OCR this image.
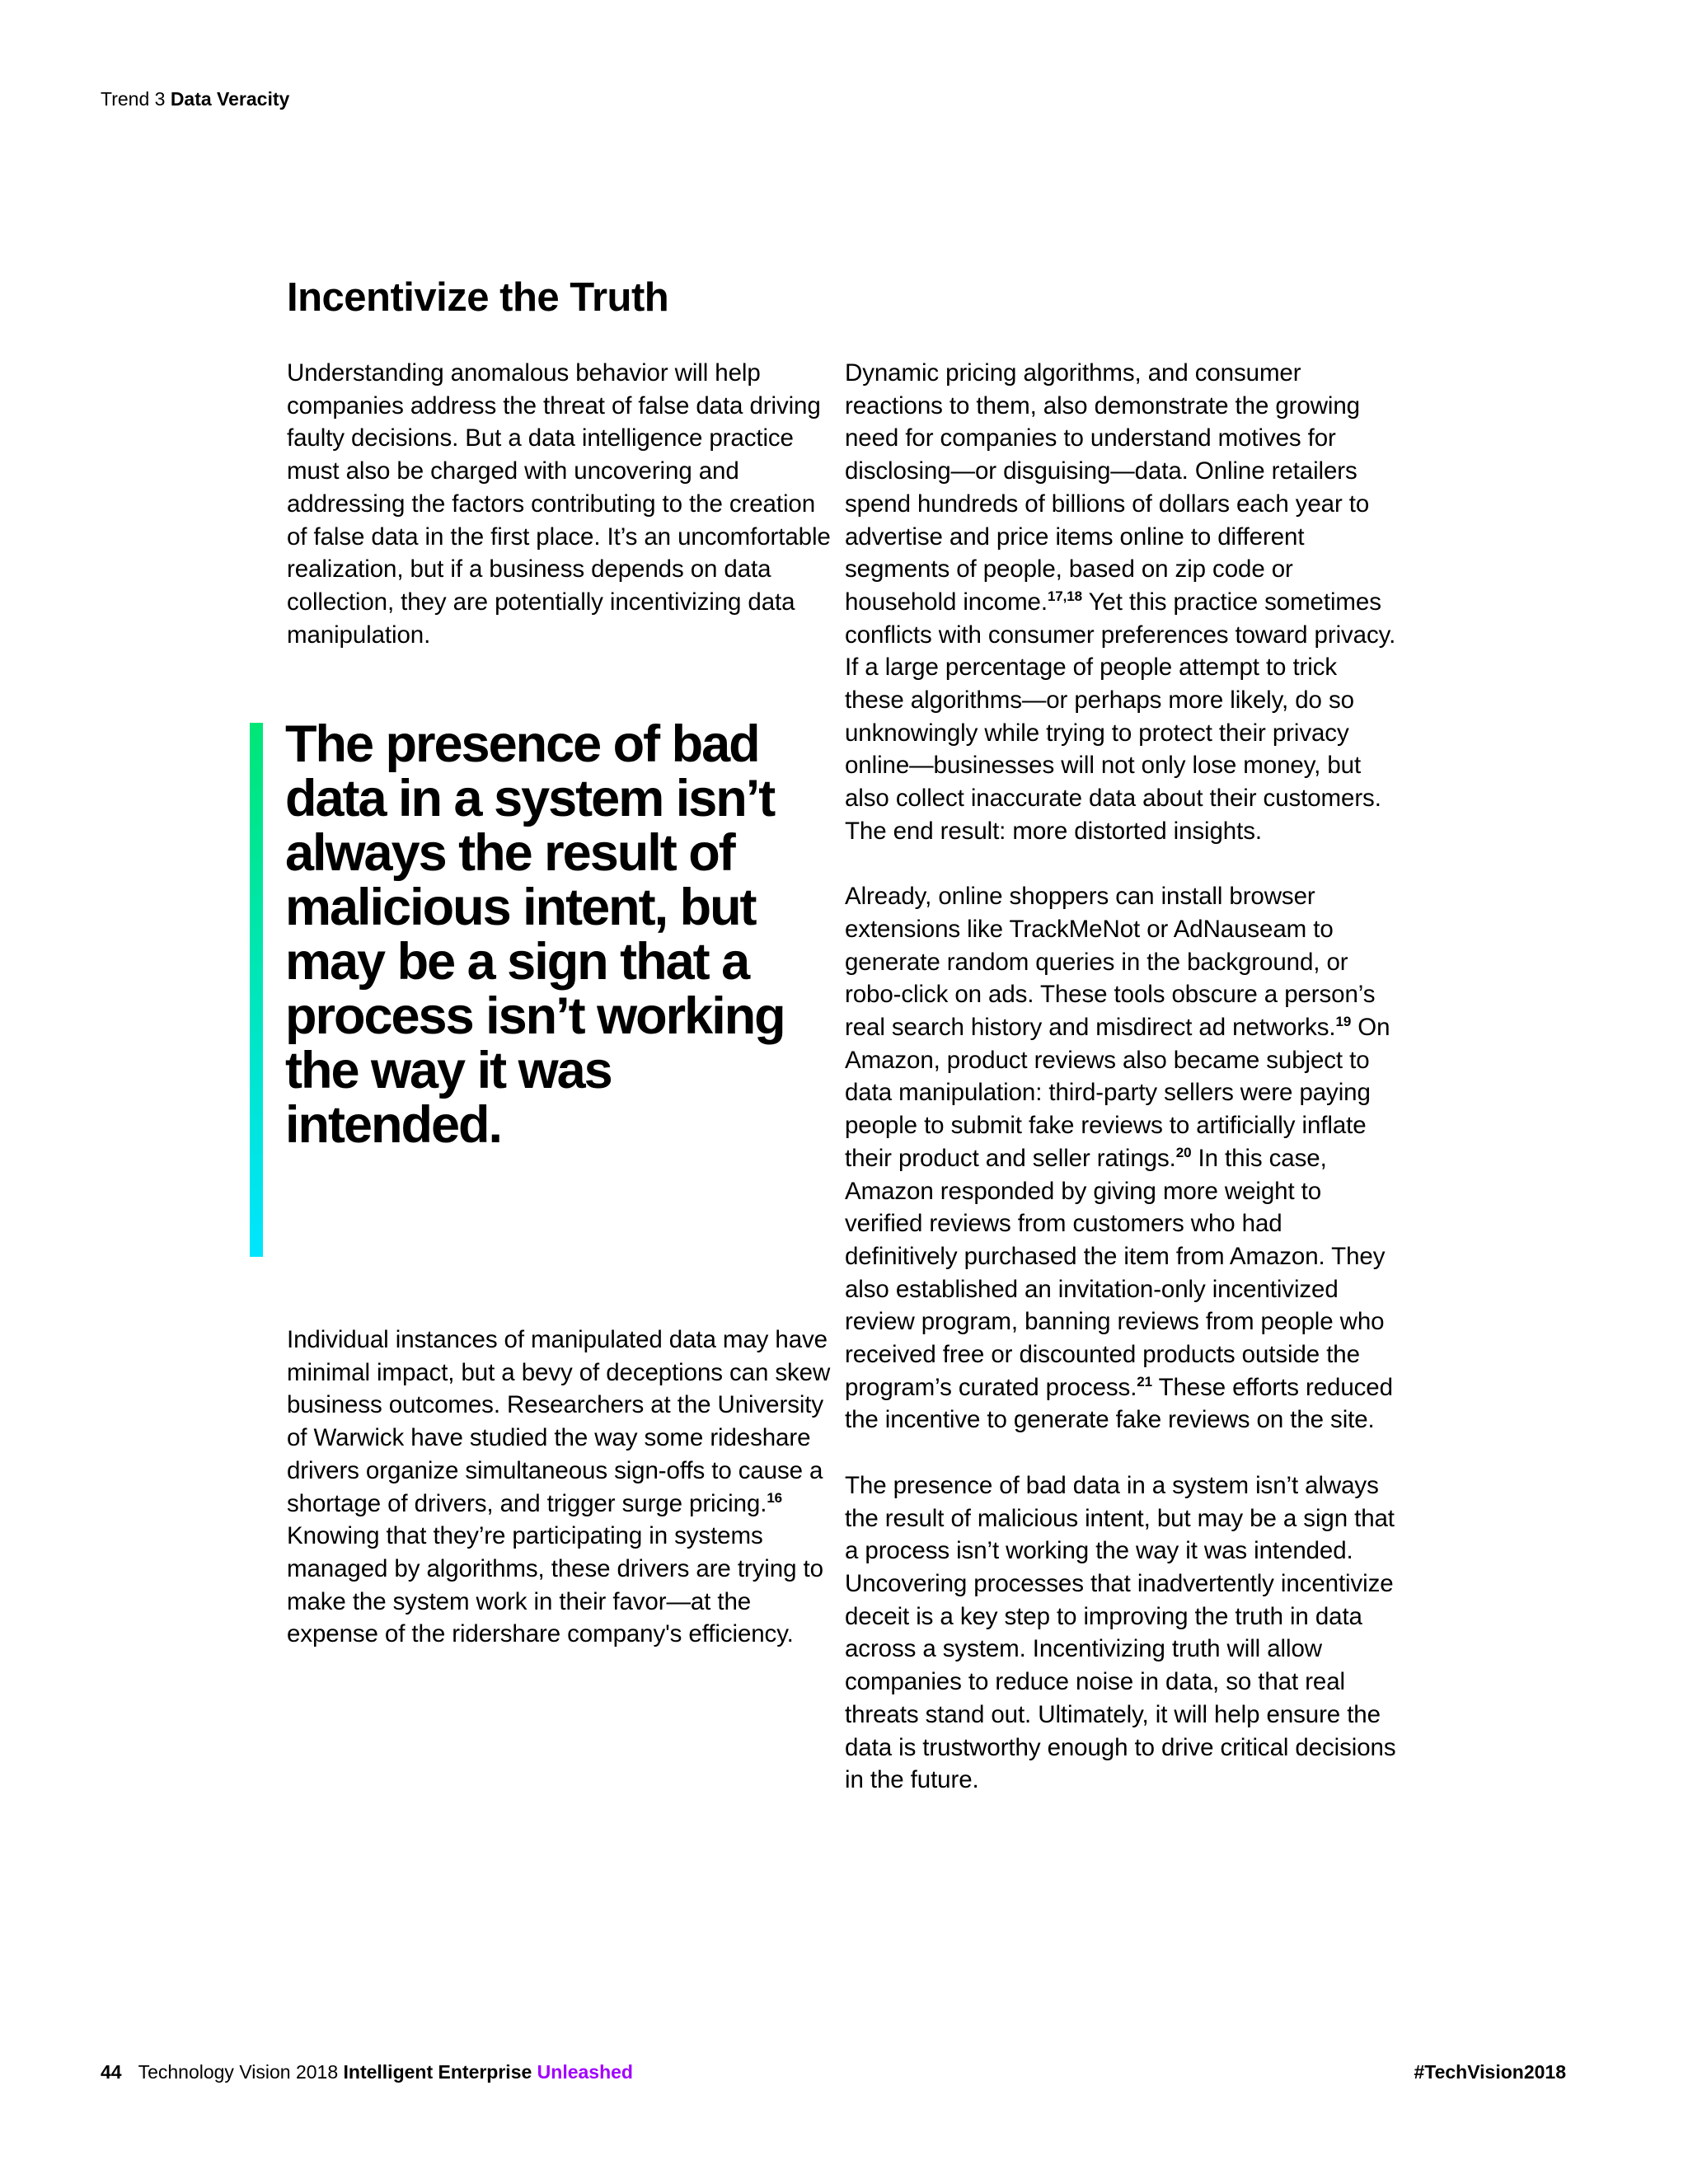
Trend 3 Data Veracity
Incentivize the Truth

Understanding anomalous behavior will help companies address the threat of false data driving faulty decisions. But a data intelligence practice must also be charged with uncovering and addressing the factors contributing to the creation of false data in the first place. It’s an uncomfortable realization, but if a business depends on data collection, they are potentially incentivizing data manipulation.

The presence of bad data in a system isn’t always the result of malicious intent, but may be a sign that a process isn’t working the way it was intended.

Individual instances of manipulated data may have minimal impact, but a bevy of deceptions can skew business outcomes. Researchers at the University of Warwick have studied the way some rideshare drivers organize simultaneous sign-offs to cause a shortage of drivers, and trigger surge pricing.$^{16}$ Knowing that they’re participating in systems managed by algorithms, these drivers are trying to make the system work in their favor—at the expense of the ridershare company's efficiency.

Dynamic pricing algorithms, and consumer reactions to them, also demonstrate the growing need for companies to understand motives for disclosing—or disguising—data. Online retailers spend hundreds of billions of dollars each year to advertise and price items online to different segments of people, based on zip code or household income.$^{17,18}$ Yet this practice sometimes conflicts with consumer preferences toward privacy. If a large percentage of people attempt to trick these algorithms—or perhaps more likely, do so unknowingly while trying to protect their privacy online—businesses will not only lose money, but also collect inaccurate data about their customers. The end result: more distorted insights.

Already, online shoppers can install browser extensions like TrackMeNot or AdNauseam to generate random queries in the background, or robo-click on ads. These tools obscure a person’s real search history and misdirect ad networks.$^{19}$ On Amazon, product reviews also became subject to data manipulation: third-party sellers were paying people to submit fake reviews to artificially inflate their product and seller ratings.$^{20}$ In this case, Amazon responded by giving more weight to verified reviews from customers who had definitively purchased the item from Amazon. They also established an invitation-only incentivized review program, banning reviews from people who received free or discounted products outside the program’s curated process.$^{21}$ These efforts reduced the incentive to generate fake reviews on the site.

The presence of bad data in a system isn’t always the result of malicious intent, but may be a sign that a process isn’t working the way it was intended. Uncovering processes that inadvertently incentivize deceit is a key step to improving the truth in data across a system. Incentivizing truth will allow companies to reduce noise in data, so that real threats stand out. Ultimately, it will help ensure the data is trustworthy enough to drive critical decisions in the future.

44 Technology Vision 2018 Intelligent Enterprise Unleashed	#TechVision2018
